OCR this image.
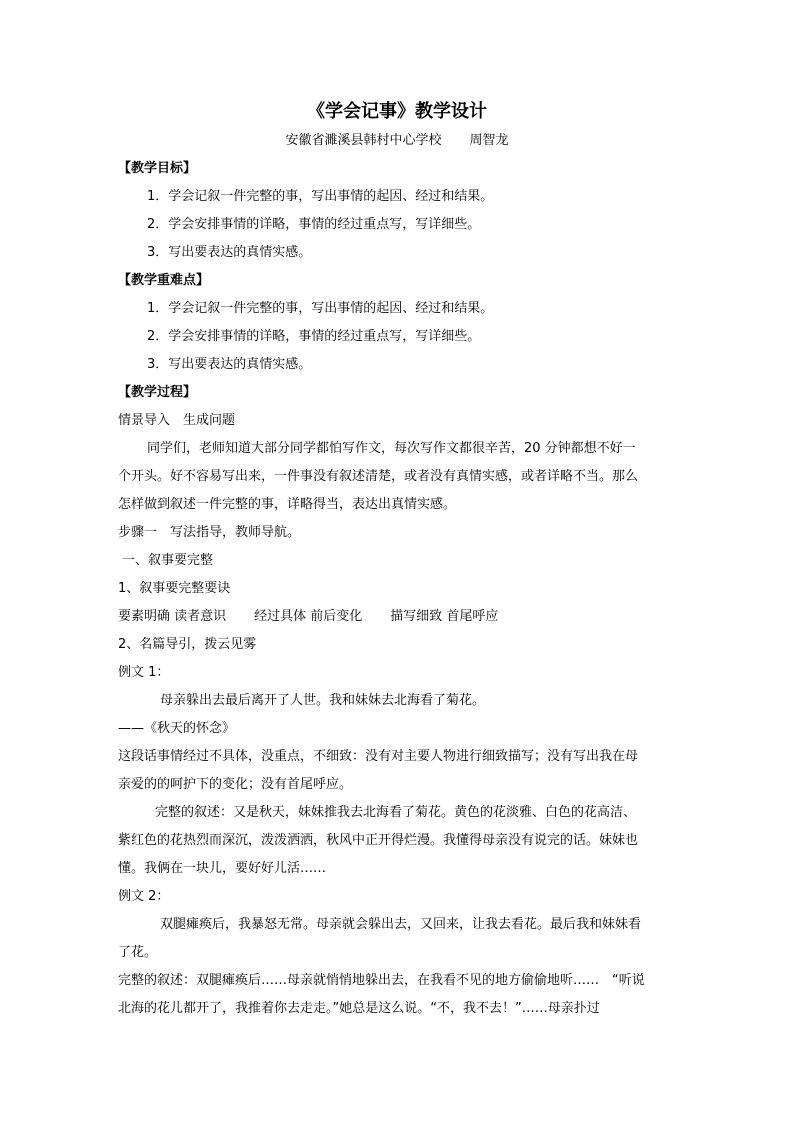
《学会记事》教学设计
安徽省濉溪县韩村中心学校 周智龙
【教学目标】
1．学会记叙一件完整的事，写出事情的起因、经过和结果。
2．学会安排事情的详略，事情的经过重点写，写详细些。
3．写出要表达的真情实感。
【教学重难点】
1．学会记叙一件完整的事，写出事情的起因、经过和结果。
2．学会安排事情的详略，事情的经过重点写，写详细些。
3．写出要表达的真情实感。
【教学过程】
情景导入　生成问题
同学们，老师知道大部分同学都怕写作文，每次写作文都很辛苦，20 分钟都想不好一
个开头。好不容易写出来，一件事没有叙述清楚，或者没有真情实感，或者详略不当。那么
怎样做到叙述一件完整的事，详略得当，表达出真情实感。
步骤一　写法指导，教师导航。
一、叙事要完整
1、叙事要完整要诀
要素明确 读者意识 经过具体 前后变化 描写细致 首尾呼应
2、名篇导引，拨云见雾
例文 1：
母亲躲出去最后离开了人世。我和妹妹去北海看了菊花。
——《秋天的怀念》
这段话事情经过不具体，没重点，不细致：没有对主要人物进行细致描写；没有写出我在母
亲爱的的呵护下的变化；没有首尾呼应。
完整的叙述：又是秋天，妹妹推我去北海看了菊花。黄色的花淡雅、白色的花高洁、
紫红色的花热烈而深沉，泼泼洒洒，秋风中正开得烂漫。我懂得母亲没有说完的话。妹妹也
懂。我俩在一块儿，要好好儿活……
例文 2：
双腿瘫痪后，我暴怒无常。母亲就会躲出去，又回来，让我去看花。最后我和妹妹看
了花。
完整的叙述：双腿瘫痪后……母亲就悄悄地躲出去，在我看不见的地方偷偷地听……　“听说
北海的花儿都开了，我推着你去走走。”她总是这么说。“不，我不去！”……母亲扑过
